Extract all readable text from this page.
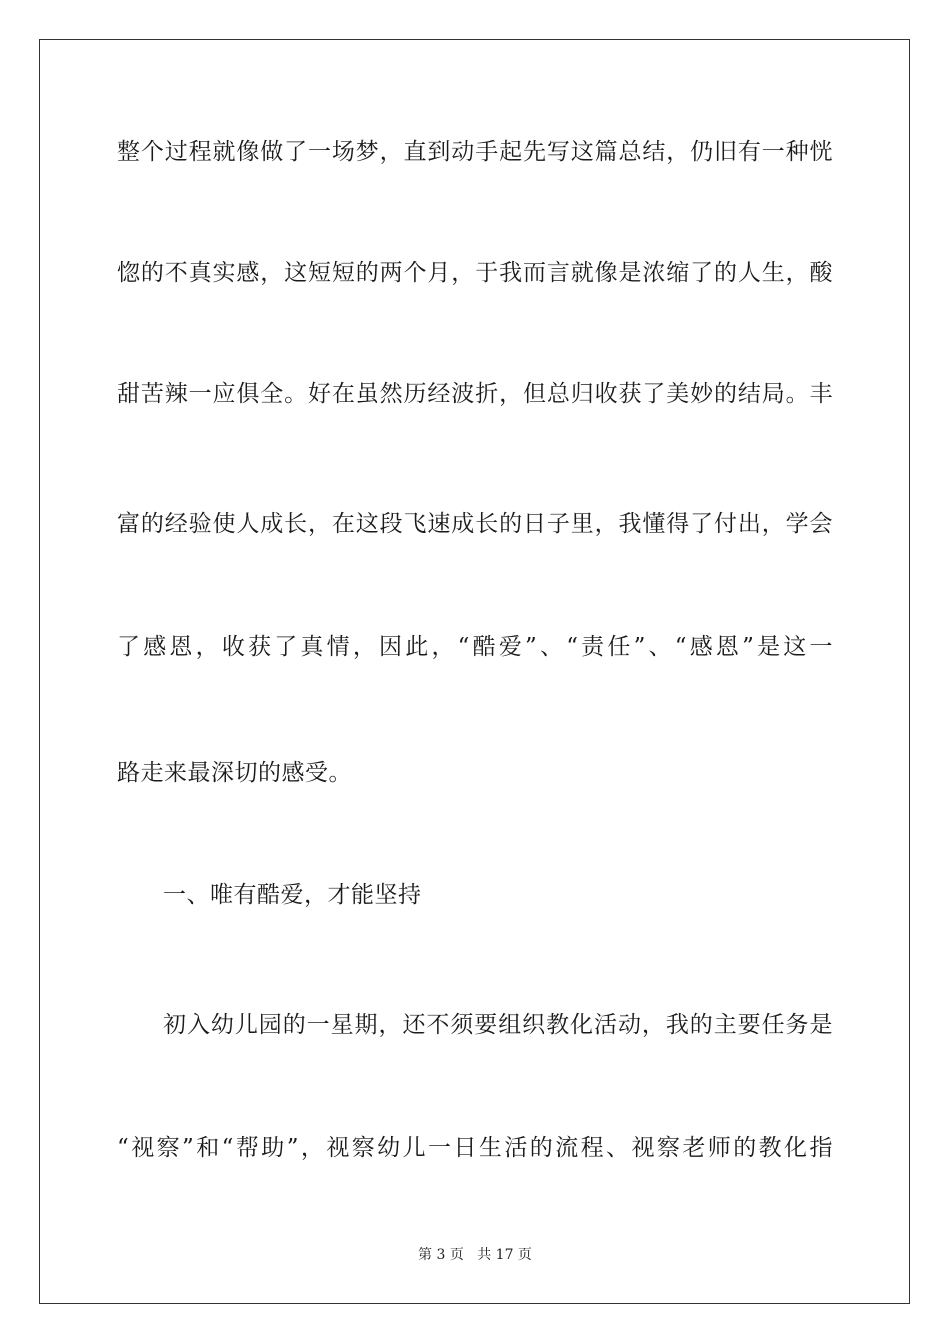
整个过程就像做了一场梦，直到动手起先写这篇总结，仍旧有一种恍
惚的不真实感，这短短的两个月，于我而言就像是浓缩了的人生，酸
甜苦辣一应俱全。好在虽然历经波折，但总归收获了美妙的结局。丰
富的经验使人成长，在这段飞速成长的日子里，我懂得了付出，学会
了感恩，收获了真情，因此，“酷爱”、“责任”、“感恩”是这一
路走来最深切的感受。
一、唯有酷爱，才能坚持
初入幼儿园的一星期，还不须要组织教化活动，我的主要任务是
“视察”和“帮助”，视察幼儿一日生活的流程、视察老师的教化指
第 3 页 共 17 页
